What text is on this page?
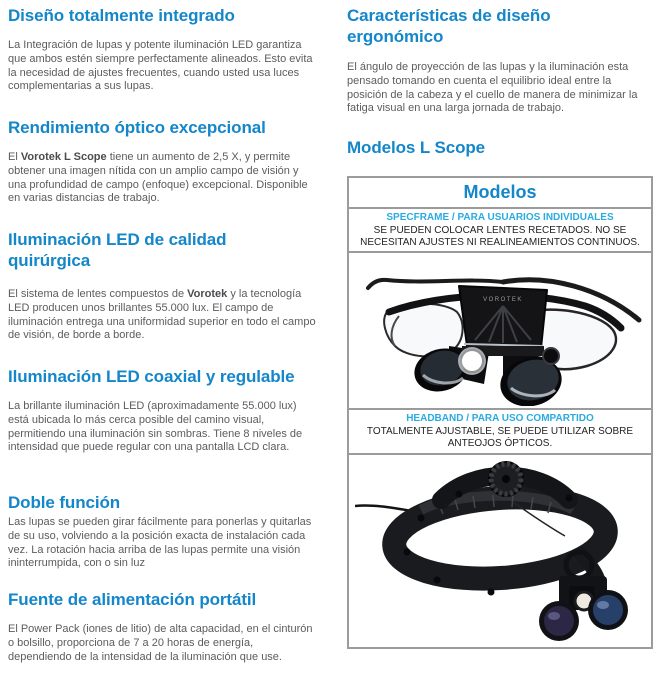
Diseño totalmente integrado

La Integración de lupas y potente iluminación LED garantiza que ambos estén siempre perfectamente alineados. Esto evita la necesidad de ajustes frecuentes, cuando usted usa luces complementarias a sus lupas.

Rendimiento óptico excepcional

El Vorotek L Scope tiene un aumento de 2,5 X, y permite obtener una imagen nítida con un amplio campo de visión y una profundidad de campo (enfoque) excepcional. Disponible en varias distancias de trabajo.

Iluminación LED de calidad quirúrgica

El sistema de lentes compuestos de Vorotek y la tecnología LED producen unos brillantes 55.000 lux. El campo de iluminación entrega una uniformidad superior en todo el campo de visión, de borde a borde.

Iluminación LED coaxial y regulable

La brillante iluminación LED (aproximadamente 55.000 lux) está ubicada lo más cerca posible del camino visual, permitiendo una iluminación sin sombras. Tiene 8 niveles de intensidad que puede regular con una pantalla LCD clara.

Doble función

Las lupas se pueden girar fácilmente para ponerlas y quitarlas de su uso, volviendo a la posición exacta de instalación cada vez. La rotación hacia arriba de las lupas permite una visión ininterrumpida, con o sin luz

Fuente de alimentación portátil

El Power Pack (iones de litio) de alta capacidad, en el cinturón o bolsillo, proporciona de 7 a 20 horas de energía, dependiendo de la intensidad de la iluminación que use.

Características de diseño ergonómico

El ángulo de proyección de las lupas y la iluminación esta pensado tomando en cuenta el equilibrio ideal entre la posición de la cabeza y el cuello de manera de minimizar la fatiga visual en una larga jornada de trabajo.

Modelos L Scope
Modelos
SPECFRAME / PARA USUARIOS INDIVIDUALES
SE PUEDEN COLOCAR LENTES RECETADOS. NO SE NECESITAN AJUSTES NI REALINEAMIENTOS CONTINUOS.
VOROTEK
HEADBAND / PARA USO COMPARTIDO
TOTALMENTE AJUSTABLE, SE PUEDE UTILIZAR SOBRE ANTEOJOS ÓPTICOS.
